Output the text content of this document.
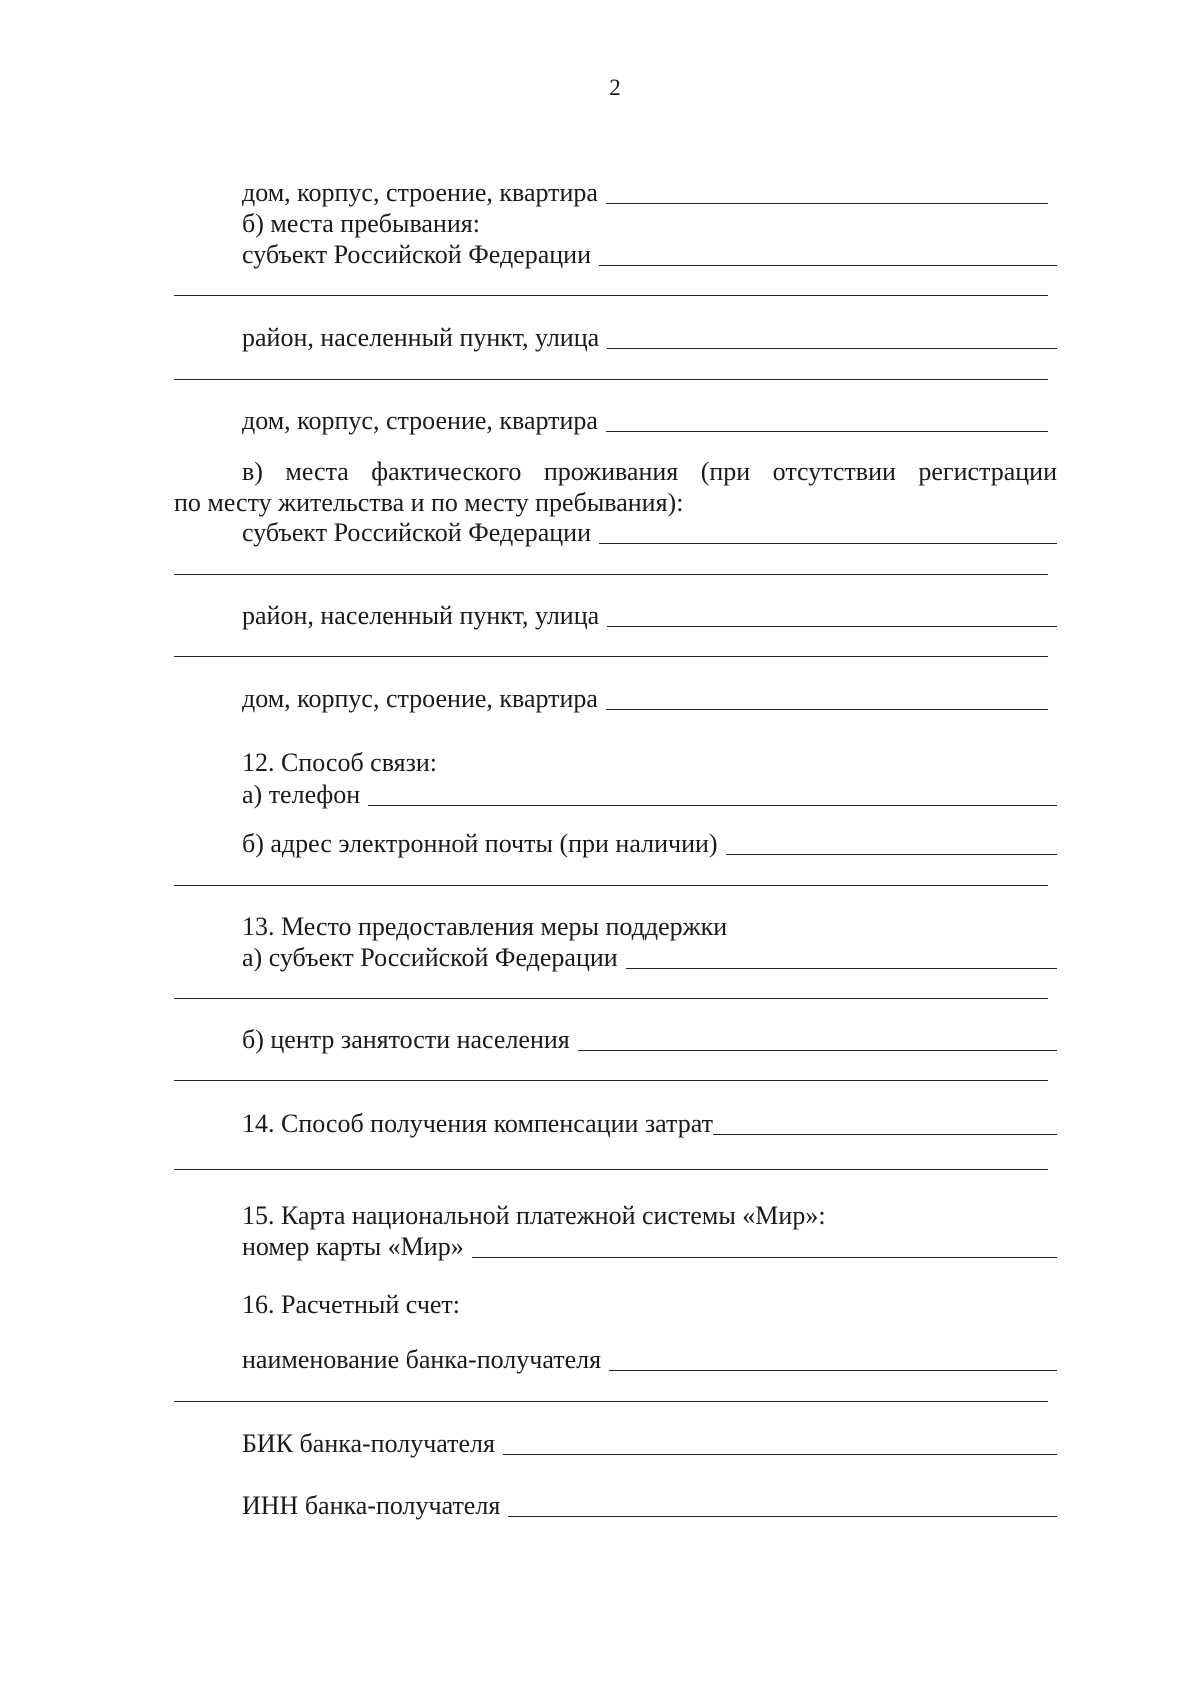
2
дом, корпус, строение, квартира
б) места пребывания:
субъект Российской Федерации
район, населенный пункт, улица
дом, корпус, строение, квартира
в) места фактического проживания (при отсутствии регистрации
по месту жительства и по месту пребывания):
субъект Российской Федерации
район, населенный пункт, улица
дом, корпус, строение, квартира
12. Способ связи:
а) телефон
б) адрес электронной почты (при наличии)
13. Место предоставления меры поддержки
а) субъект Российской Федерации
б) центр занятости населения
14. Способ получения компенсации затрат
15. Карта национальной платежной системы «Мир»:
номер карты «Мир»
16. Расчетный счет:
наименование банка-получателя
БИК банка-получателя
ИНН банка-получателя
